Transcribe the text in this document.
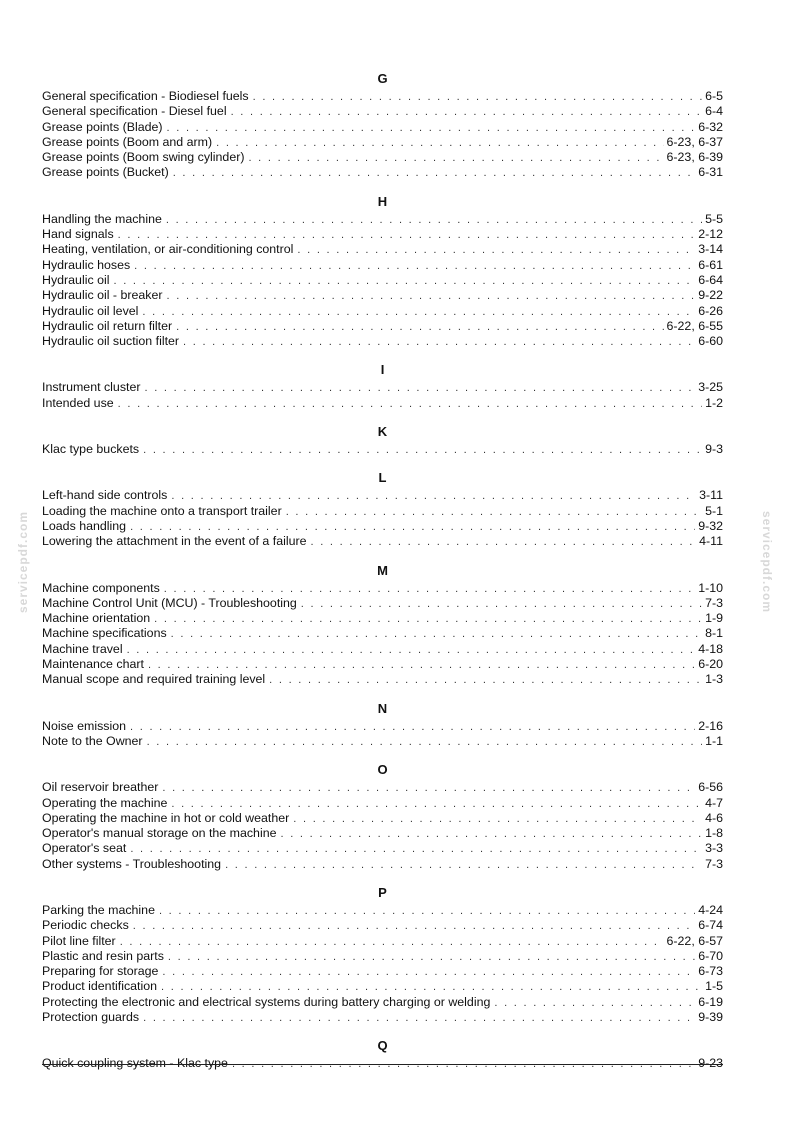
servicepdf.com	servicepdf.com
G
General specification - Biodiesel fuels . . .	6-5
General specification - Diesel fuel . . .	6-4
Grease points (Blade) . . .	6-32
Grease points (Boom and arm) . . .	6-23, 6-37
Grease points (Boom swing cylinder) . . .	6-23, 6-39
Grease points (Bucket) . . .	6-31
H
Handling the machine . . .	5-5
Hand signals . . .	2-12
Heating, ventilation, or air-conditioning control . . .	3-14
Hydraulic hoses . . .	6-61
Hydraulic oil . . .	6-64
Hydraulic oil - breaker . . .	9-22
Hydraulic oil level . . .	6-26
Hydraulic oil return filter . . .	6-22, 6-55
Hydraulic oil suction filter . . .	6-60
I
Instrument cluster . . .	3-25
Intended use . . .	1-2
K
Klac type buckets . . .	9-3
L
Left-hand side controls . . .	3-11
Loading the machine onto a transport trailer . . .	5-1
Loads handling . . .	9-32
Lowering the attachment in the event of a failure . . .	4-11
M
Machine components . . .	1-10
Machine Control Unit (MCU) - Troubleshooting . . .	7-3
Machine orientation . . .	1-9
Machine specifications . . .	8-1
Machine travel . . .	4-18
Maintenance chart . . .	6-20
Manual scope and required training level . . .	1-3
N
Noise emission . . .	2-16
Note to the Owner . . .	1-1
O
Oil reservoir breather . . .	6-56
Operating the machine . . .	4-7
Operating the machine in hot or cold weather . . .	4-6
Operator's manual storage on the machine . . .	1-8
Operator's seat . . .	3-3
Other systems - Troubleshooting . . .	7-3
P
Parking the machine . . .	4-24
Periodic checks . . .	6-74
Pilot line filter . . .	6-22, 6-57
Plastic and resin parts . . .	6-70
Preparing for storage . . .	6-73
Product identification . . .	1-5
Protecting the electronic and electrical systems during battery charging or welding . . .	6-19
Protection guards . . .	9-39
Q
Quick coupling system - Klac type . . .	9-23
